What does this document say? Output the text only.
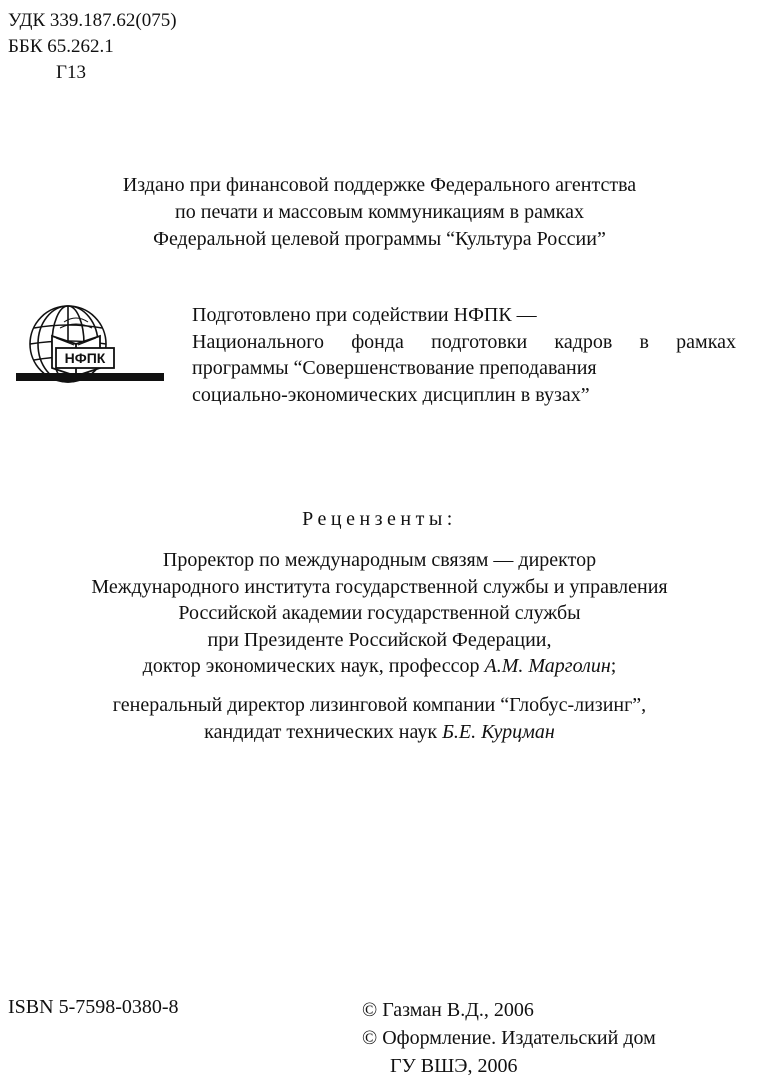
УДК 339.187.62(075)
ББК 65.262.1
Г13
Издано при финансовой поддержке Федерального агентства
по печати и массовым коммуникациям в рамках
Федеральной целевой программы “Культура России”
НФПК
Подготовлено при содействии НФПК —
Национального фонда подготовки кадров в рамках
программы “Совершенствование преподавания
социально-экономических дисциплин в вузах”
Рецензенты:
Проректор по международным связям — директор
Международного института государственной службы и управления
Российской академии государственной службы
при Президенте Российской Федерации,
доктор экономических наук, профессор А.М. Марголин;
генеральный директор лизинговой компании “Глобус-лизинг”,
кандидат технических наук Б.Е. Курцман
ISBN 5-7598-0380-8	© Газман В.Д., 2006
© Оформление. Издательский дом
ГУ ВШЭ, 2006
